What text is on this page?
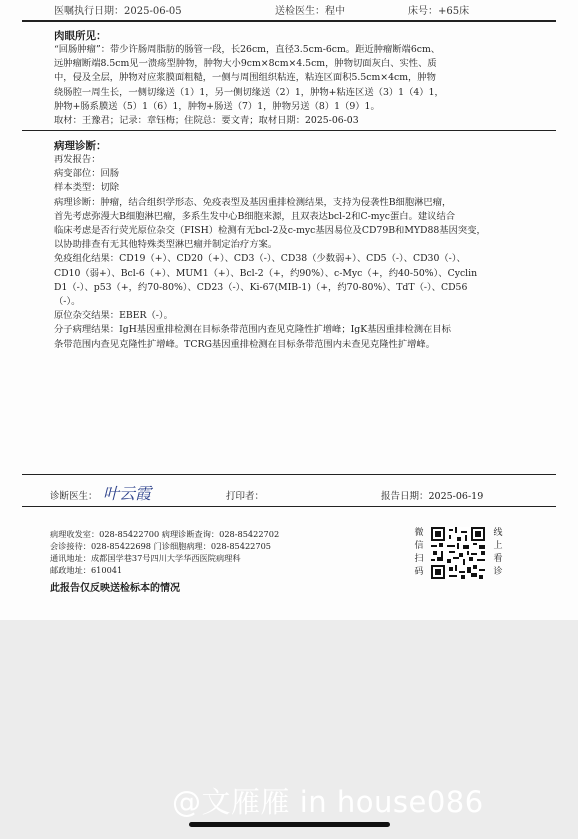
医嘱执行日期：2025-06-05	送检医生：程中	床号：+65床
肉眼所见：
“回肠肿瘤”：带少许肠周脂肪的肠管一段，长26cm，直径3.5cm-6cm。距近肿瘤断端6cm、
远肿瘤断端8.5cm见一溃疡型肿物，肿物大小9cm×8cm×4.5cm，肿物切面灰白、实性、质
中，侵及全层，肿物对应浆膜面粗糙，一侧与周围组织粘连，粘连区面积5.5cm×4cm，肿物
绕肠腔一周生长，一侧切缘送（1）1，另一侧切缘送（2）1，肿物+粘连区送（3）1（4）1，
肿物+肠系膜送（5）1（6）1，肿物+肠送（7）1，肿物另送（8）1（9）1。
取材：王豫君；记录：章钰梅；住院总：要文青；取材日期：2025-06-03
病理诊断：
再发报告：
病变部位：回肠
样本类型：切除
病理诊断：肿瘤，结合组织学形态、免疫表型及基因重排检测结果，支持为侵袭性B细胞淋巴瘤，
首先考虑弥漫大B细胞淋巴瘤，多系生发中心B细胞来源，且双表达bcl-2和C-myc蛋白。建议结合
临床考虑是否行荧光原位杂交（FISH）检测有无bcl-2及c-myc基因易位及CD79B和MYD88基因突变，
以协助排查有无其他特殊类型淋巴瘤并制定治疗方案。
免疫组化结果：CD19（+）、CD20（+）、CD3（-）、CD38（少数弱+）、CD5（-）、CD30（-）、
CD10（弱+）、Bcl-6（+）、MUM1（+）、Bcl-2（+，约90%）、c-Myc（+，约40-50%）、Cyclin
D1（-）、p53（+，约70-80%）、CD23（-）、Ki-67(MIB-1)（+，约70-80%）、TdT（-）、CD56
（-）。
原位杂交结果：EBER（-）。
分子病理结果：IgH基因重排检测在目标条带范围内查见克隆性扩增峰；IgK基因重排检测在目标
条带范围内查见克隆性扩增峰。TCRG基因重排检测在目标条带范围内未查见克隆性扩增峰。
诊断医生： 叶云霞	打印者：	报告日期：2025-06-19
病理收发室：028-85422700 病理诊断查询：028-85422702
会诊接待：028-85422698 门诊细胞病理：028-85422705
通讯地址：成都国学巷37号四川大学华西医院病理科
邮政地址：610041
此报告仅反映送检标本的情况
微
信
扫
码
线
上
看
诊
@文雁雁 in house086
